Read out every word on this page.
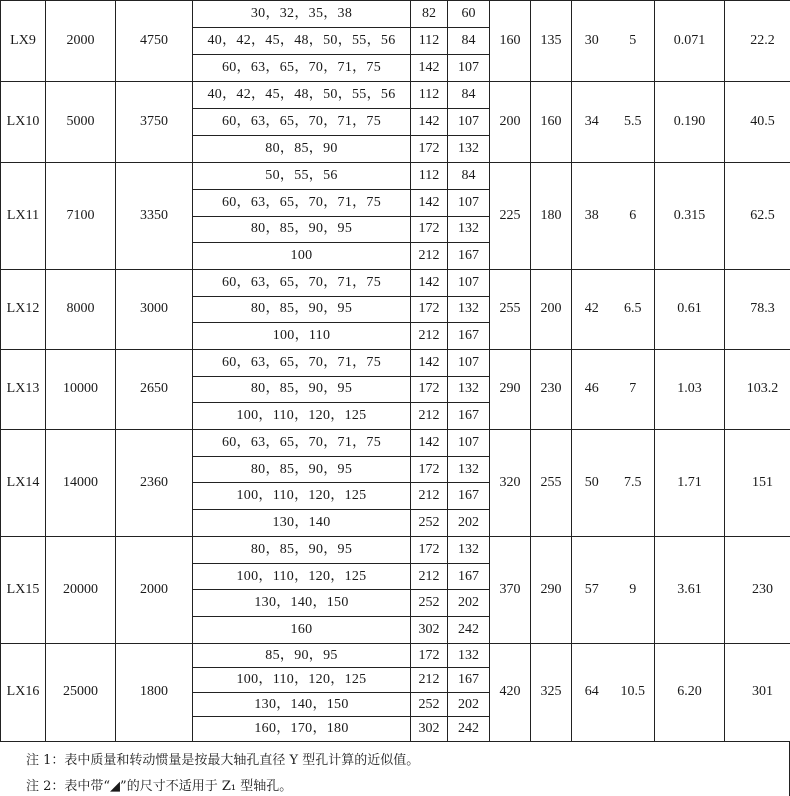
LX9	2000	4750	30，32，35，38	82	60	160	135	30	5	0.071	22.2
			40，42，45，48，50，55，56	112	84						
			60，63，65，70，71，75	142	107						
LX10	5000	3750	40，42，45，48，50，55，56	112	84	200	160	34	5.5	0.190	40.5
			60，63，65，70，71，75	142	107						
			80，85，90	172	132						
LX11	7100	3350	50，55，56	112	84	225	180	38	6	0.315	62.5
			60，63，65，70，71，75	142	107						
			80，85，90，95	172	132						
			100	212	167						
LX12	8000	3000	60，63，65，70，71，75	142	107	255	200	42	6.5	0.61	78.3
			80，85，90，95	172	132						
			100，110	212	167						
LX13	10000	2650	60，63，65，70，71，75	142	107	290	230	46	7	1.03	103.2
			80，85，90，95	172	132						
			100，110，120，125	212	167						
LX14	14000	2360	60，63，65，70，71，75	142	107	320	255	50	7.5	1.71	151
			80，85，90，95	172	132						
			100，110，120，125	212	167						
			130，140	252	202						
LX15	20000	2000	80，85，90，95	172	132	370	290	57	9	3.61	230
			100，110，120，125	212	167						
			130，140，150	252	202						
			160	302	242						
LX16	25000	1800	85，90，95	172	132	420	325	64	10.5	6.20	301
			100，110，120，125	212	167						
			130，140，150	252	202						
			160，170，180	302	242						
注 1：表中质量和转动惯量是按最大轴孔直径 Y 型孔计算的近似值。
注 2：表中带“◢”的尺寸不适用于 Z₁ 型轴孔。
